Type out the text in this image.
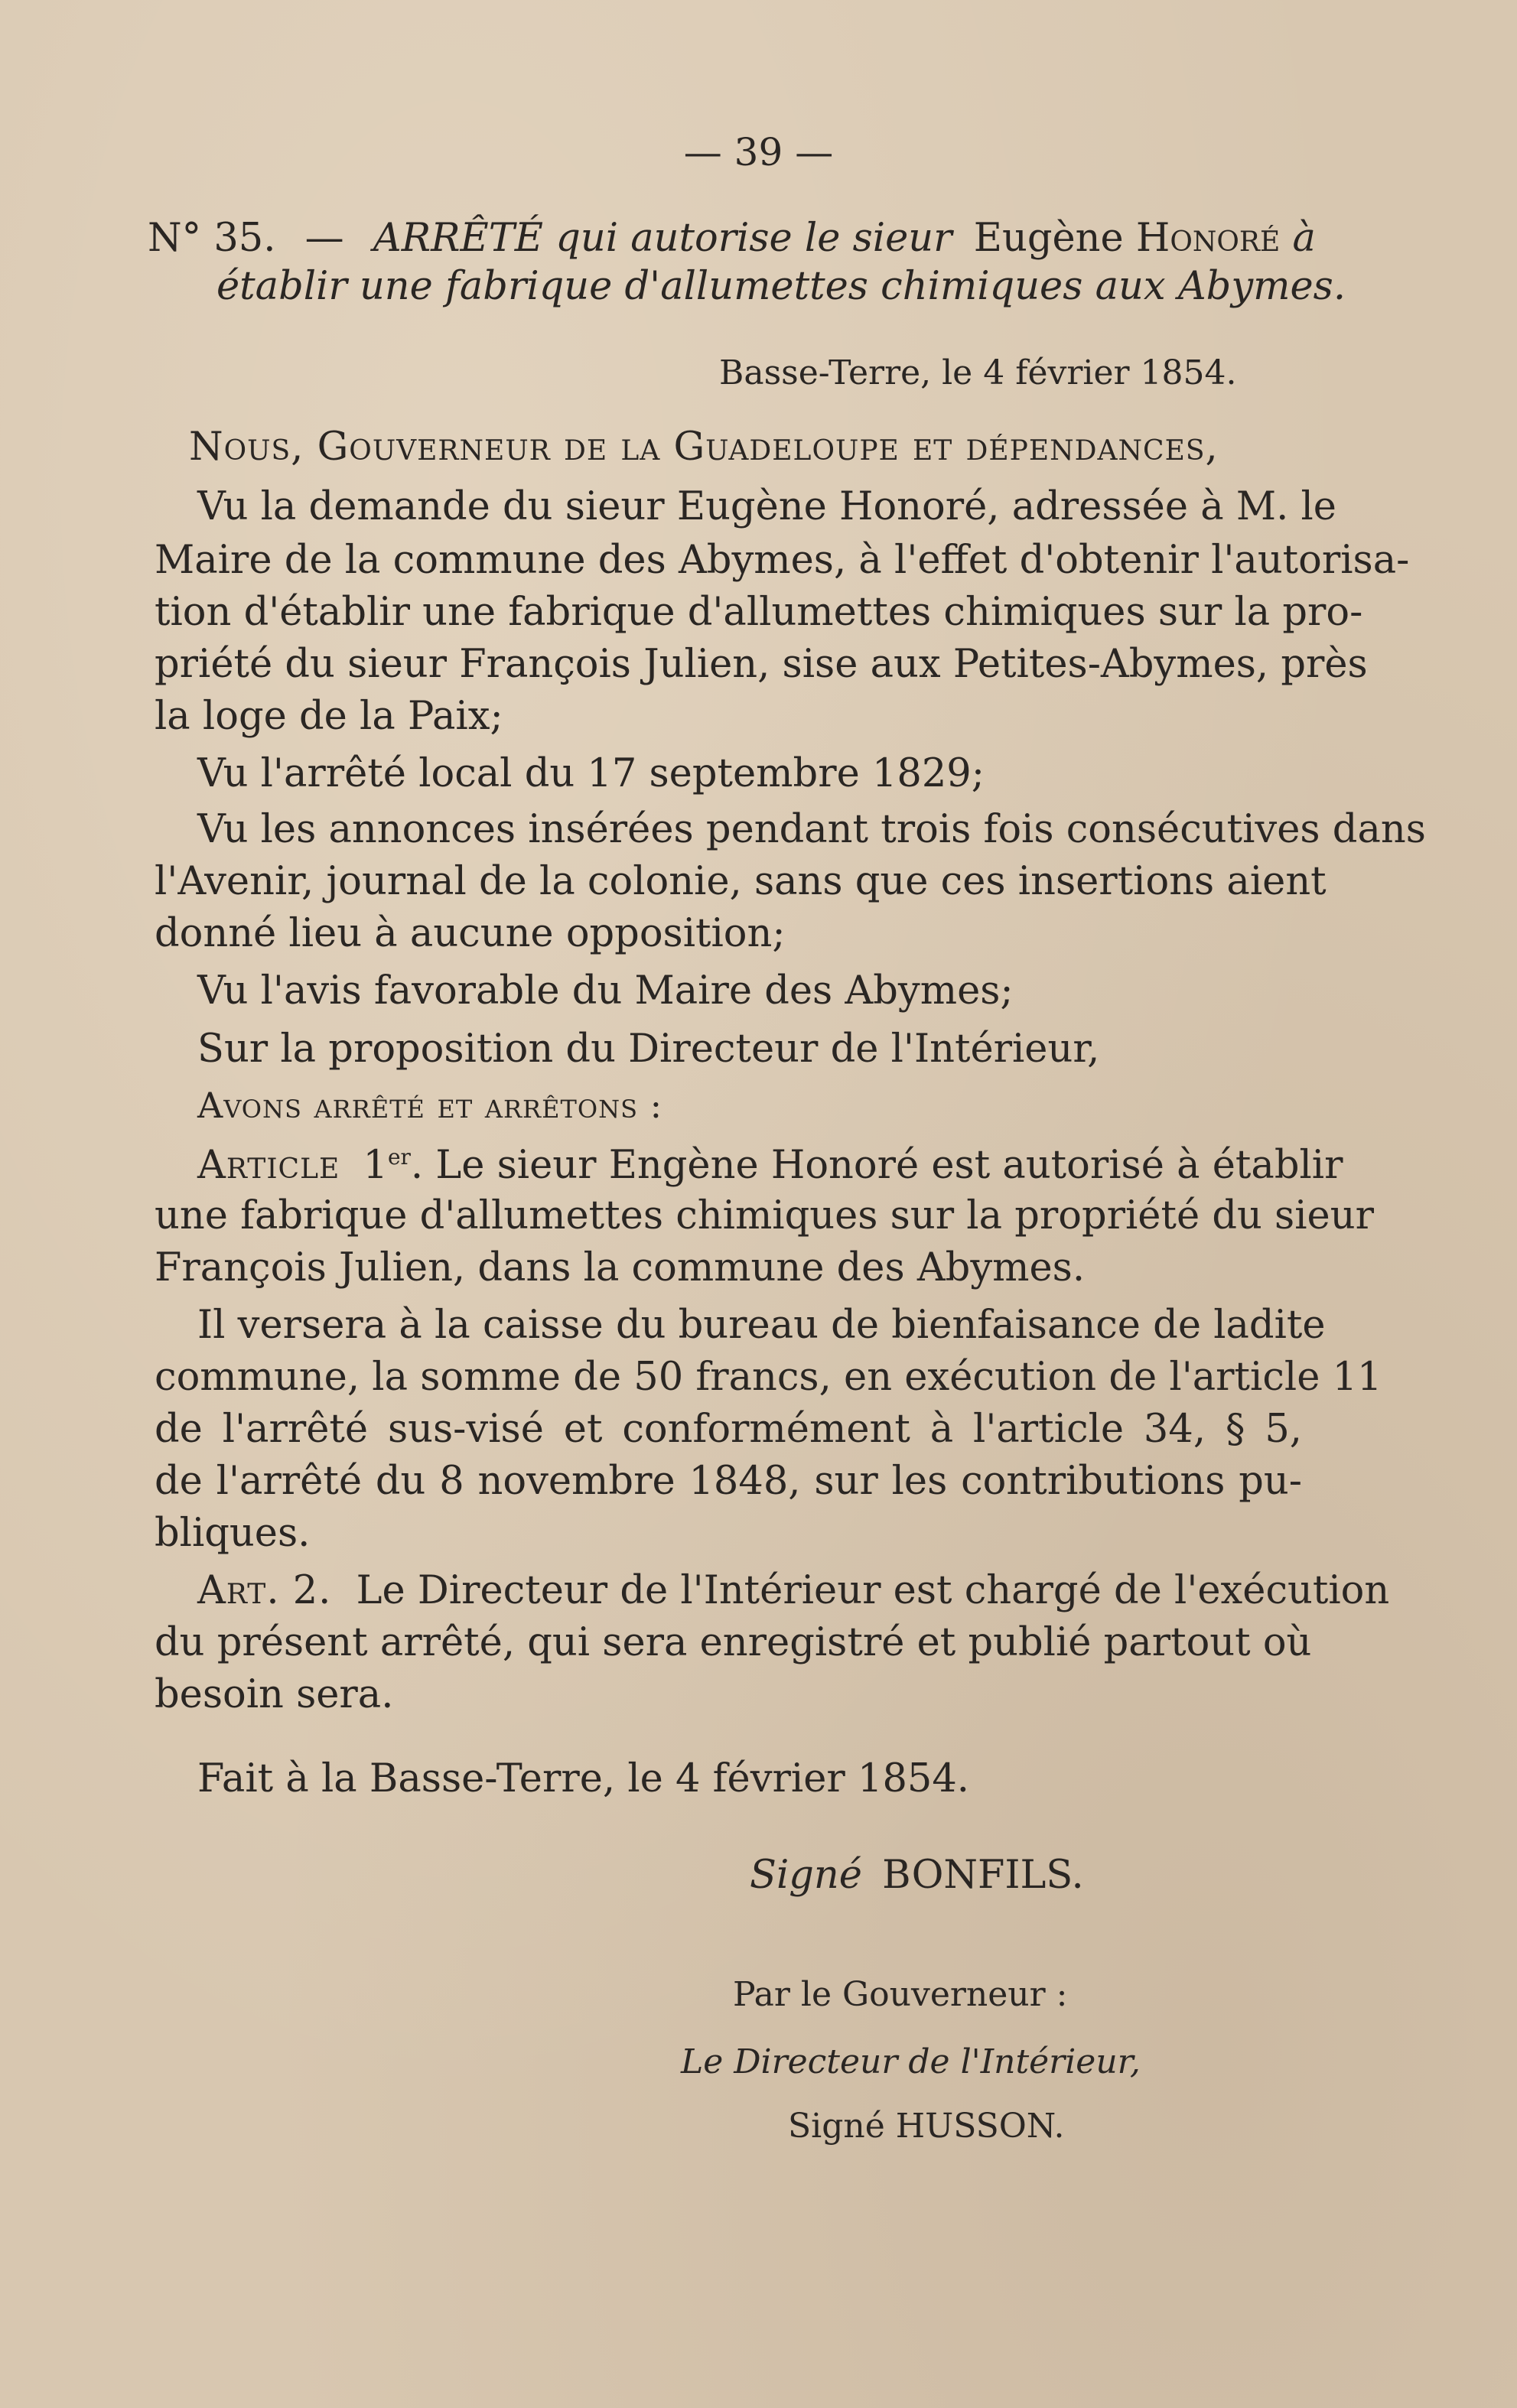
— 39 —
N° 35. — ARRÊTÉ qui autorise le sieur Eugène Honoré à
établir une fabrique d'allumettes chimiques aux Abymes.
Basse-Terre, le 4 février 1854.
Nous, Gouverneur de la Guadeloupe et dépendances,
Vu la demande du sieur Eugène Honoré, adressée à M. le
Maire de la commune des Abymes, à l'effet d'obtenir l'autorisa-
tion d'établir une fabrique d'allumettes chimiques sur la pro-
priété du sieur François Julien, sise aux Petites-Abymes, près
la loge de la Paix;
Vu l'arrêté local du 17 septembre 1829;
Vu les annonces insérées pendant trois fois consécutives dans
l'Avenir, journal de la colonie, sans que ces insertions aient
donné lieu à aucune opposition;
Vu l'avis favorable du Maire des Abymes;
Sur la proposition du Directeur de l'Intérieur,
Avons arrêté et arrêtons :
Article 1er. Le sieur Engène Honoré est autorisé à établir
une fabrique d'allumettes chimiques sur la propriété du sieur
François Julien, dans la commune des Abymes.
Il versera à la caisse du bureau de bienfaisance de ladite
commune, la somme de 50 francs, en exécution de l'article 11
de l'arrêté sus-visé et conformément à l'article 34, § 5,
de l'arrêté du 8 novembre 1848, sur les contributions pu-
bliques.
Art. 2. Le Directeur de l'Intérieur est chargé de l'exécution
du présent arrêté, qui sera enregistré et publié partout où
besoin sera.
Fait à la Basse-Terre, le 4 février 1854.
Signé BONFILS.
Par le Gouverneur :
Le Directeur de l'Intérieur,
Signé HUSSON.
